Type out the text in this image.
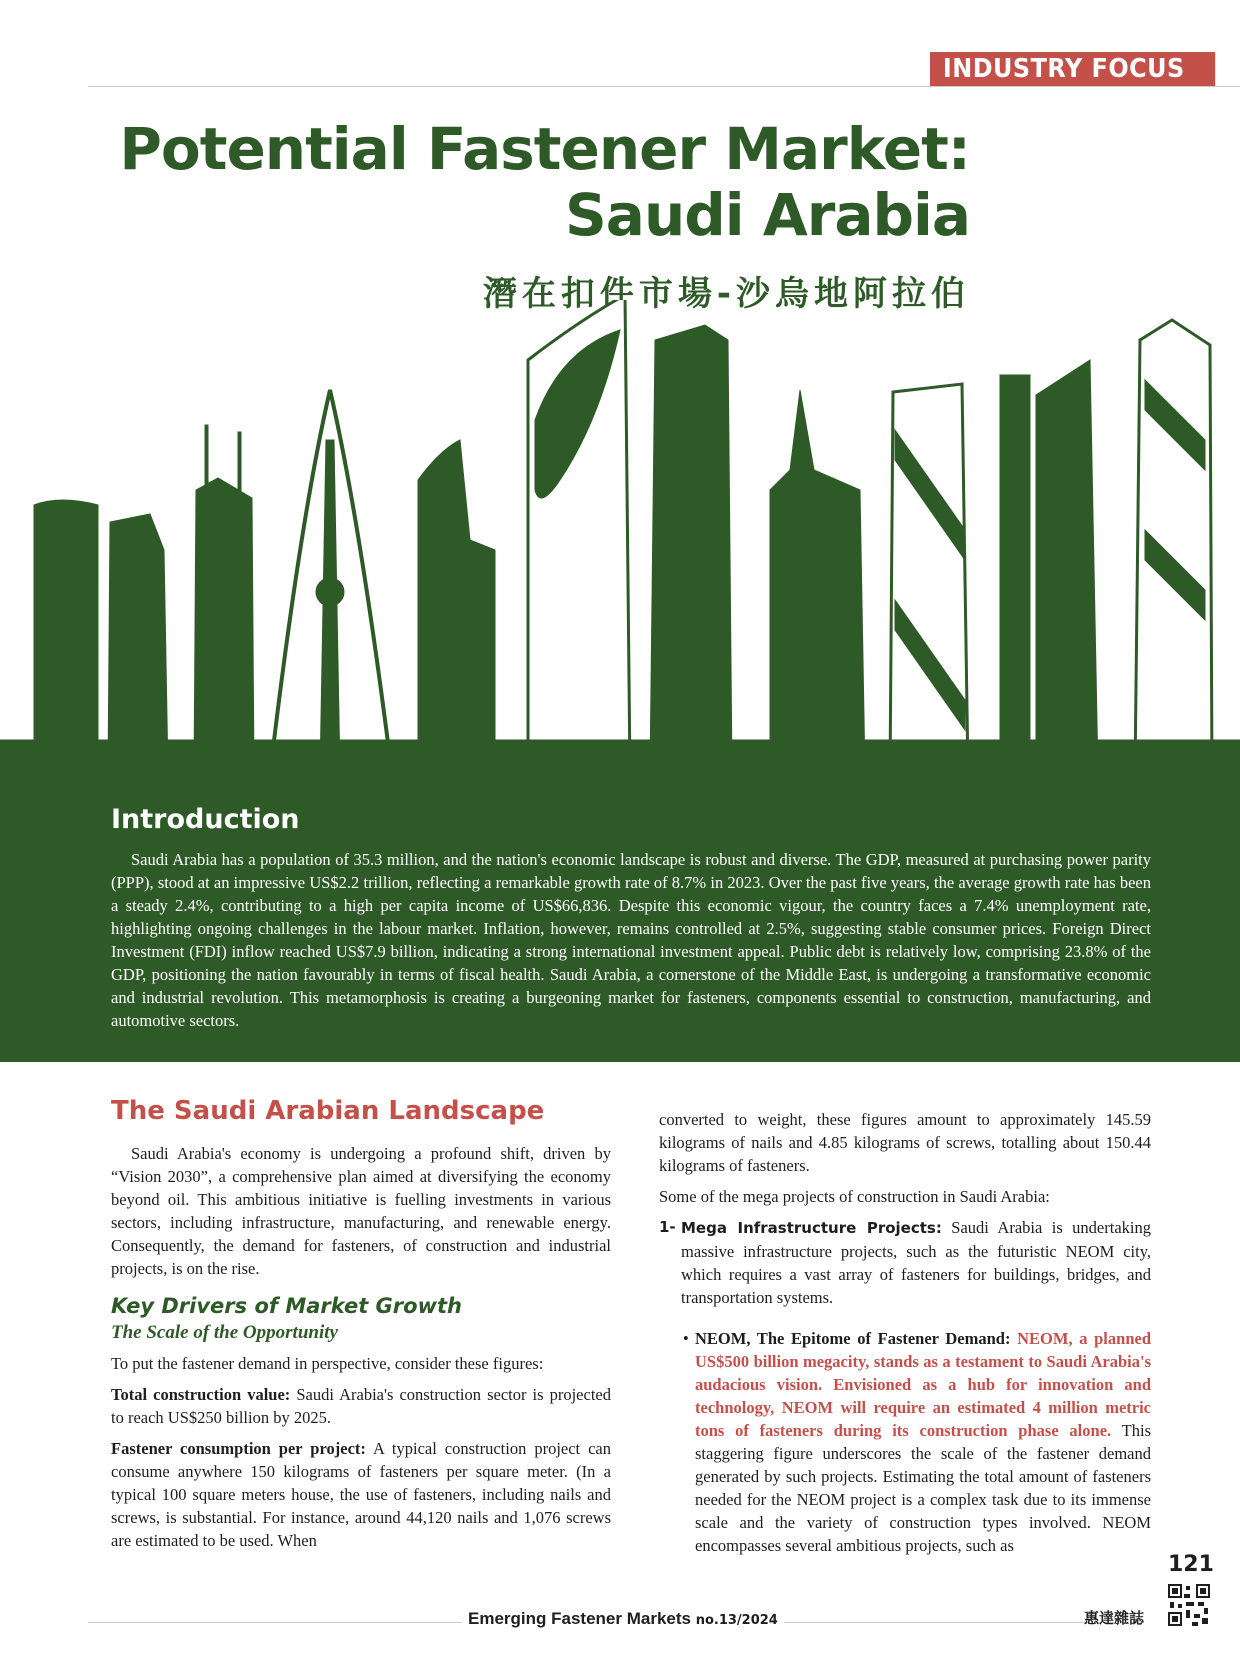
INDUSTRY FOCUS
Potential Fastener Market:
Saudi Arabia
潛在扣件市場-沙烏地阿拉伯
Introduction

Saudi Arabia has a population of 35.3 million, and the nation's economic landscape is robust and diverse. The GDP, measured at purchasing power parity (PPP), stood at an impressive US$2.2 trillion, reflecting a remarkable growth rate of 8.7% in 2023. Over the past five years, the average growth rate has been a steady 2.4%, contributing to a high per capita income of US$66,836. Despite this economic vigour, the country faces a 7.4% unemployment rate, highlighting ongoing challenges in the labour market. Inflation, however, remains controlled at 2.5%, suggesting stable consumer prices. Foreign Direct Investment (FDI) inflow reached US$7.9 billion, indicating a strong international investment appeal. Public debt is relatively low, comprising 23.8% of the GDP, positioning the nation favourably in terms of fiscal health. Saudi Arabia, a cornerstone of the Middle East, is undergoing a transformative economic and industrial revolution. This metamorphosis is creating a burgeoning market for fasteners, components essential to construction, manufacturing, and automotive sectors.

The Saudi Arabian Landscape

Saudi Arabia's economy is undergoing a profound shift, driven by “Vision 2030”, a comprehensive plan aimed at diversifying the economy beyond oil. This ambitious initiative is fuelling investments in various sectors, including infrastructure, manufacturing, and renewable energy. Consequently, the demand for fasteners, of construction and industrial projects, is on the rise.

Key Drivers of Market Growth
The Scale of the Opportunity

To put the fastener demand in perspective, consider these figures:

Total construction value: Saudi Arabia's construction sector is projected to reach US$250 billion by 2025.

Fastener consumption per project: A typical construction project can consume anywhere 150 kilograms of fasteners per square meter. (In a typical 100 square meters house, the use of fasteners, including nails and screws, is substantial. For instance, around 44,120 nails and 1,076 screws are estimated to be used. When

converted to weight, these figures amount to approximately 145.59 kilograms of nails and 4.85 kilograms of screws, totalling about 150.44 kilograms of fasteners.

Some of the mega projects of construction in Saudi Arabia:

1- Mega Infrastructure Projects: Saudi Arabia is undertaking massive infrastructure projects, such as the futuristic NEOM city, which requires a vast array of fasteners for buildings, bridges, and transportation systems.
• NEOM, The Epitome of Fastener Demand: NEOM, a planned US$500 billion megacity, stands as a testament to Saudi Arabia's audacious vision. Envisioned as a hub for innovation and technology, NEOM will require an estimated 4 million metric tons of fasteners during its construction phase alone. This staggering figure underscores the scale of the fastener demand generated by such projects. Estimating the total amount of fasteners needed for the NEOM project is a complex task due to its immense scale and the variety of construction types involved. NEOM encompasses several ambitious projects, such as
121
Emerging Fastener Markets no.13/2024	惠達雜誌
